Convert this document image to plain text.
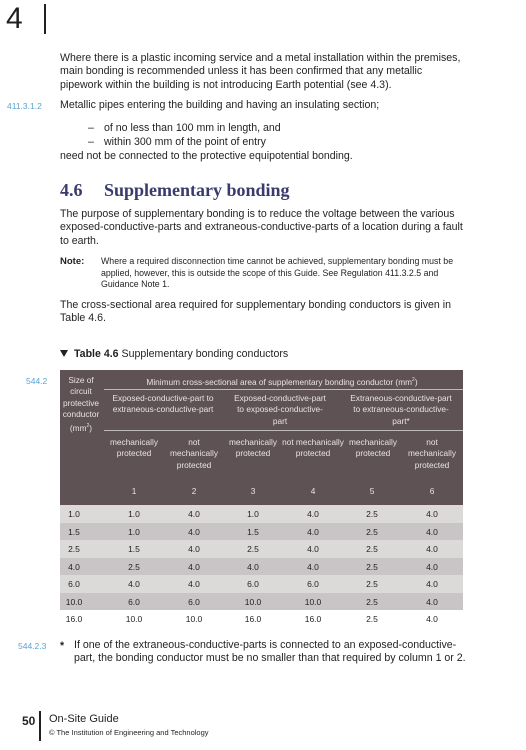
4
Where there is a plastic incoming service and a metal installation within the premises, main bonding is recommended unless it has been confirmed that any metallic pipework within the building is not introducing Earth potential (see 4.3).
411.3.1.2 Metallic pipes entering the building and having an insulating section;
– of no less than 100 mm in length, and
– within 300 mm of the point of entry
need not be connected to the protective equipotential bonding.
4.6 Supplementary bonding
The purpose of supplementary bonding is to reduce the voltage between the various exposed-conductive-parts and extraneous-conductive-parts of a location during a fault to earth.
Note: Where a required disconnection time cannot be achieved, supplementary bonding must be applied, however, this is outside the scope of this Guide. See Regulation 411.3.2.5 and Guidance Note 1.
The cross-sectional area required for supplementary bonding conductors is given in Table 4.6.
Table 4.6 Supplementary bonding conductors
544.2	Size of circuit protective conductor $(mm^2)$
Minimum cross-sectional area of supplementary bonding conductor $(mm^2)$
Exposed-conductive-part to extraneous-conductive-part
Exposed-conductive-part to exposed-conductive-part
Extraneous-conductive-part to extraneous-conductive-part*
mechanically protected
not mechanically protected
mechanically protected
not mechanically protected
mechanically protected
not mechanically protected
1	2	3	4	5	6
1.0	1.0	4.0	1.0	4.0	2.5	4.0
1.5	1.0	4.0	1.5	4.0	2.5	4.0
2.5	1.5	4.0	2.5	4.0	2.5	4.0
4.0	2.5	4.0	4.0	4.0	2.5	4.0
6.0	4.0	4.0	6.0	6.0	2.5	4.0
10.0	6.0	6.0	10.0	10.0	2.5	4.0
16.0	10.0	10.0	16.0	16.0	2.5	4.0
544.2.3 * If one of the extraneous-conductive-parts is connected to an exposed-conductive-part, the bonding conductor must be no smaller than that required by column 1 or 2.
50 On-Site Guide
© The Institution of Engineering and Technology
